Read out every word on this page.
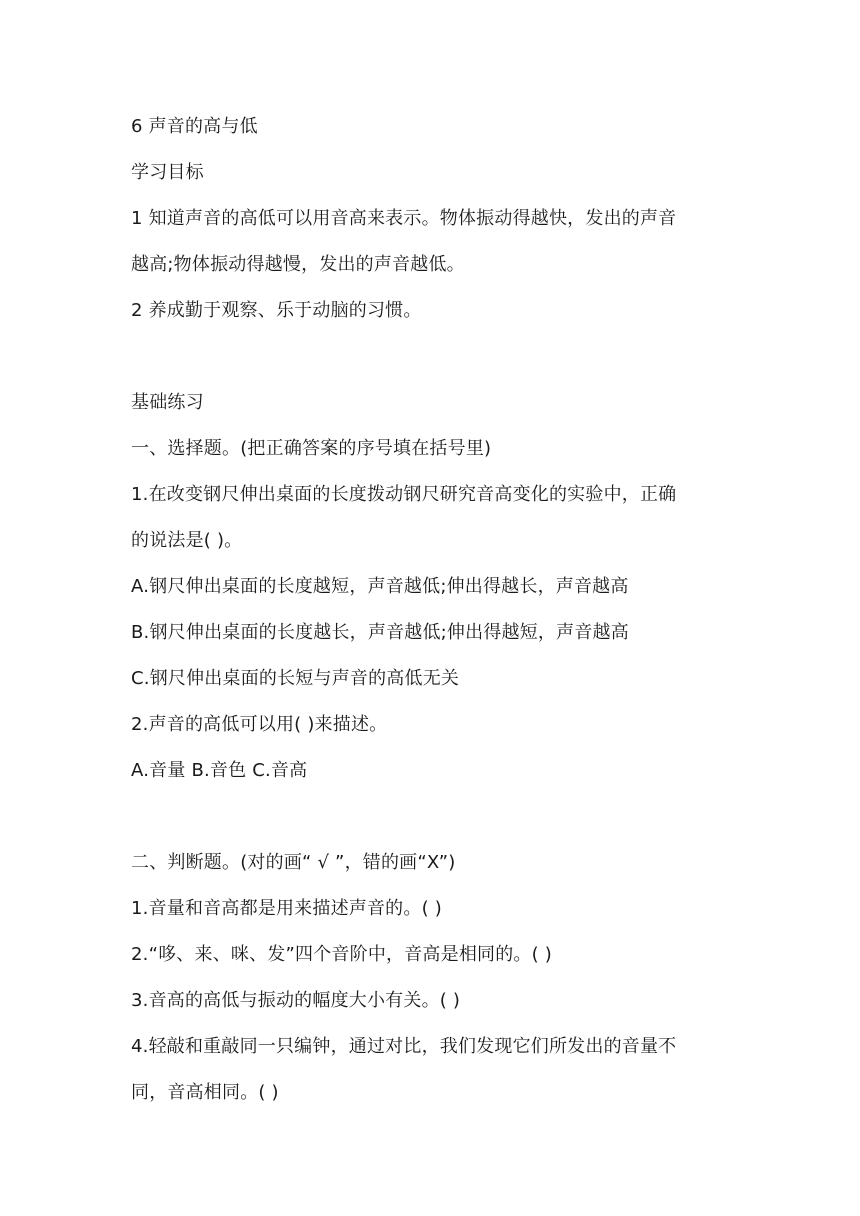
6 声音的高与低
学习目标
1 知道声音的高低可以用音高来表示。物体振动得越快，发出的声音
越高;物体振动得越慢，发出的声音越低。
2 养成勤于观察、乐于动脑的习惯。
基础练习
一、选择题。(把正确答案的序号填在括号里)
1.在改变钢尺伸出桌面的长度拨动钢尺研究音高变化的实验中，正确
的说法是( )。
A.钢尺伸出桌面的长度越短，声音越低;伸出得越长，声音越高
B.钢尺伸出桌面的长度越长，声音越低;伸出得越短，声音越高
C.钢尺伸出桌面的长短与声音的高低无关
2.声音的高低可以用( )来描述。
A.音量 B.音色 C.音高
二、判断题。(对的画“ √ ”，错的画“X”)
1.音量和音高都是用来描述声音的。( )
2.“哆、来、咪、发”四个音阶中，音高是相同的。( )
3.音高的高低与振动的幅度大小有关。( )
4.轻敲和重敲同一只编钟，通过对比，我们发现它们所发出的音量不
同，音高相同。( )
